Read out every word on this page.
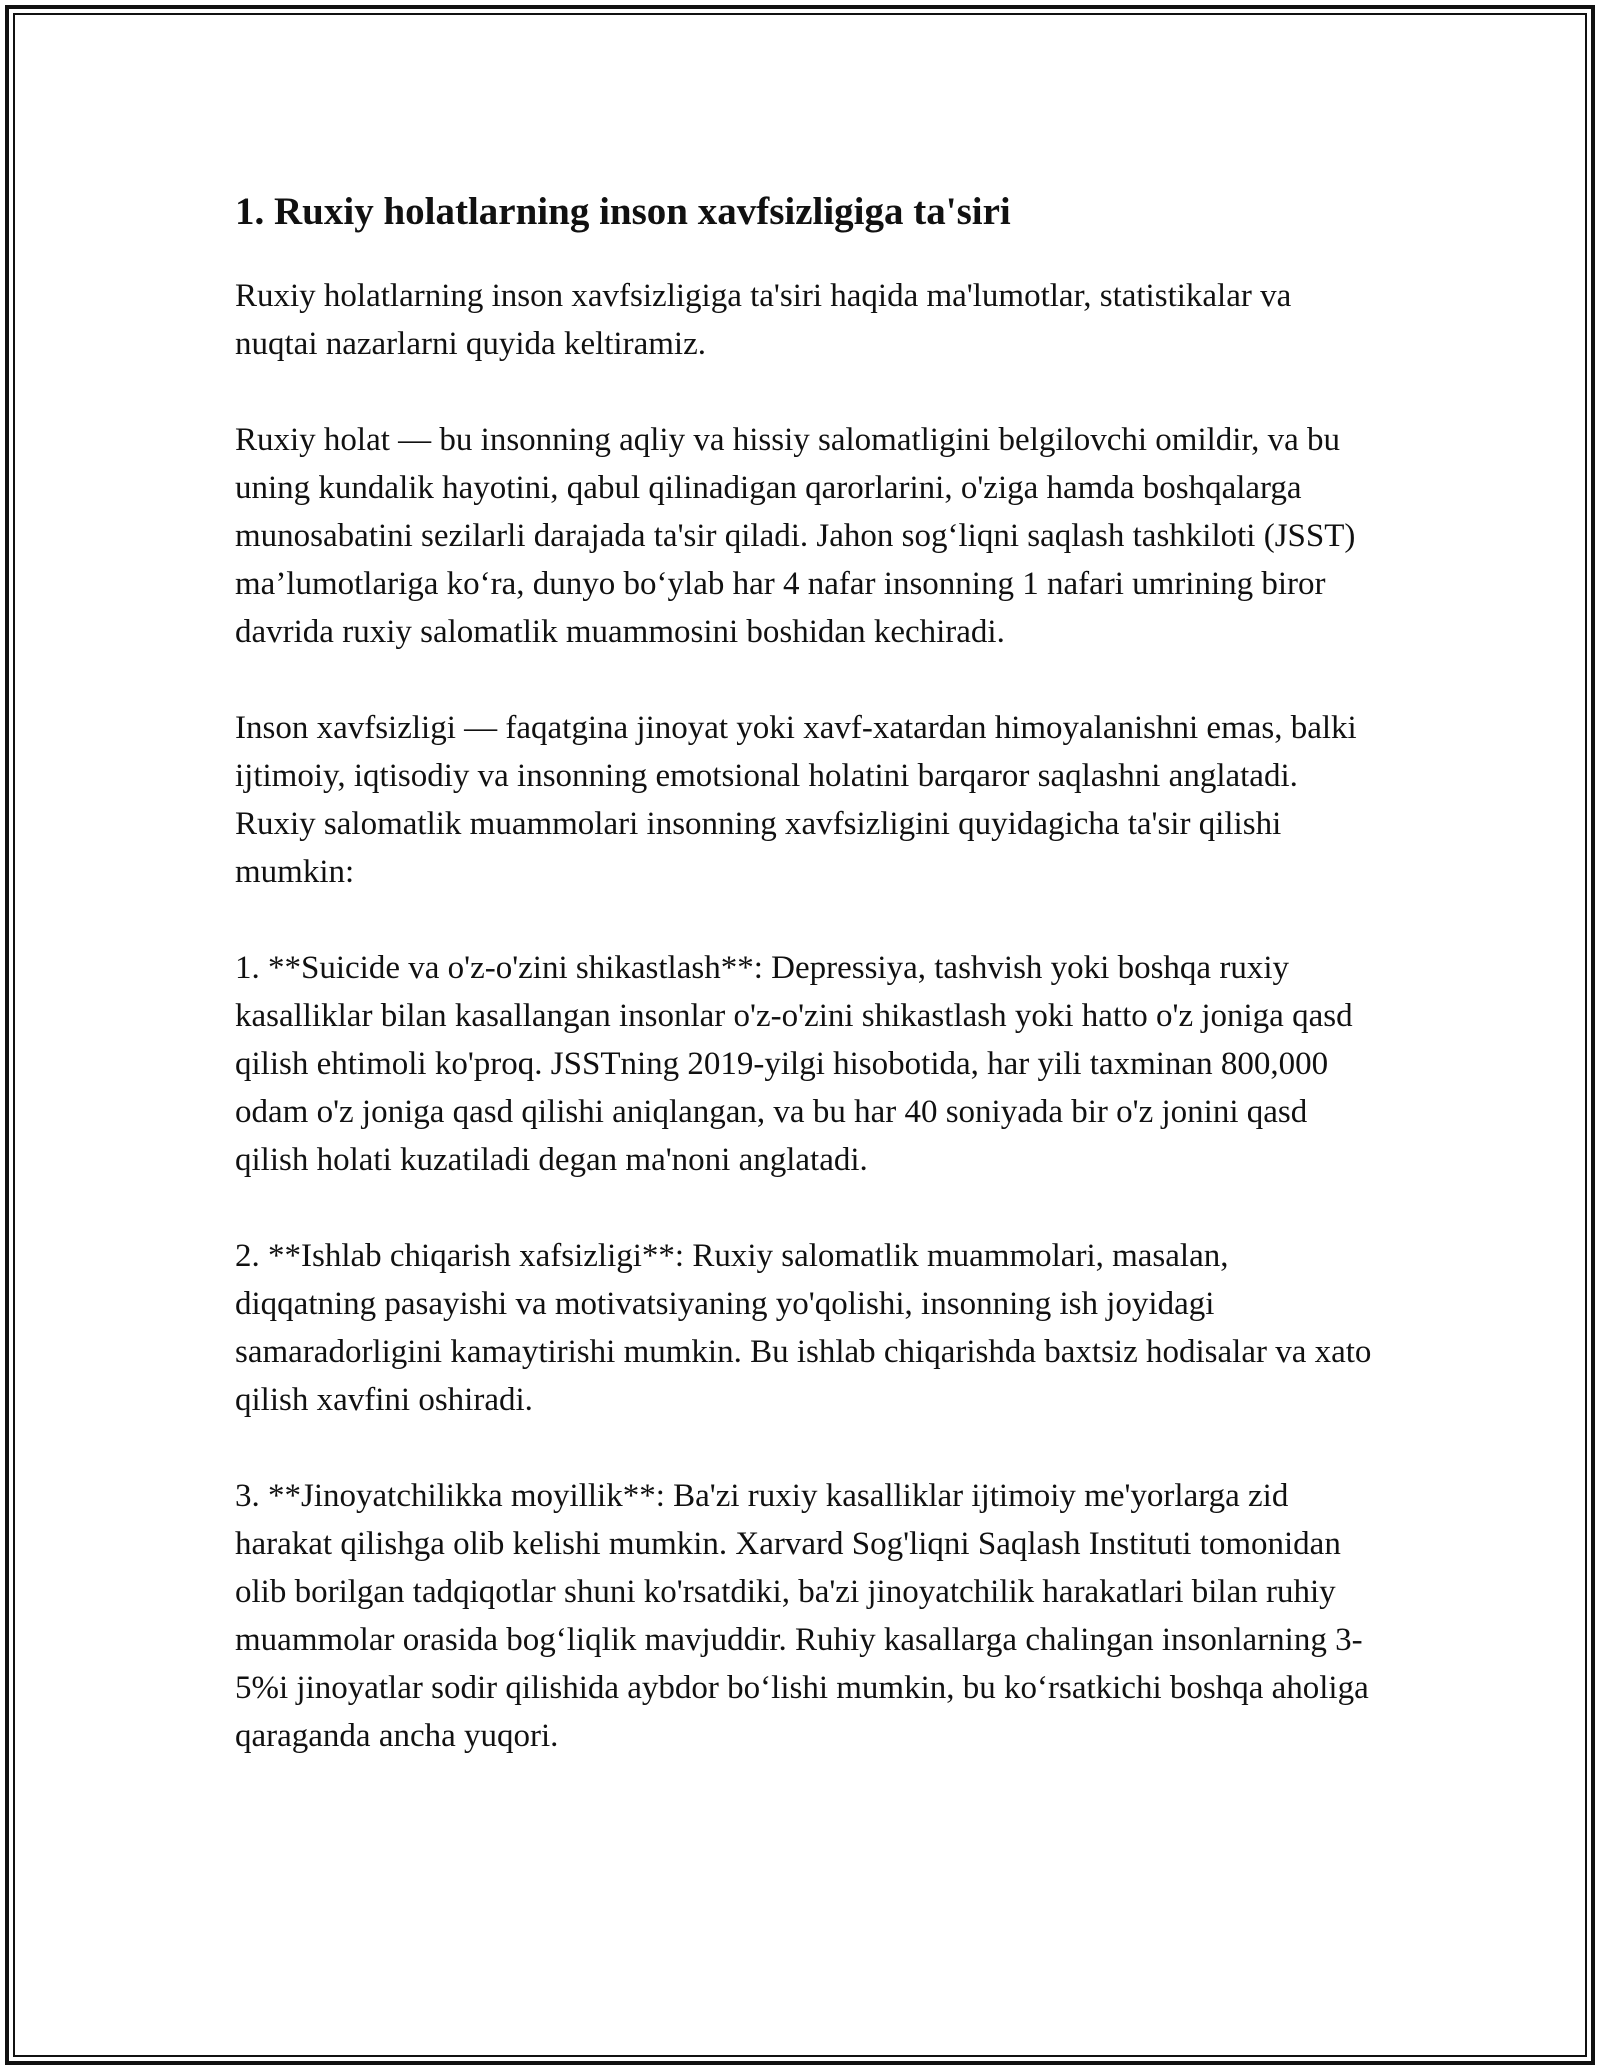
1. Ruxiy holatlarning inson xavfsizligiga ta'siri

Ruxiy holatlarning inson xavfsizligiga ta'siri haqida ma'lumotlar, statistikalar va nuqtai nazarlarni quyida keltiramiz.

Ruxiy holat — bu insonning aqliy va hissiy salomatligini belgilovchi omildir, va bu uning kundalik hayotini, qabul qilinadigan qarorlarini, o'ziga hamda boshqalarga munosabatini sezilarli darajada ta'sir qiladi. Jahon sog‘liqni saqlash tashkiloti (JSST) ma’lumotlariga ko‘ra, dunyo bo‘ylab har 4 nafar insonning 1 nafari umrining biror davrida ruxiy salomatlik muammosini boshidan kechiradi.

Inson xavfsizligi — faqatgina jinoyat yoki xavf-xatardan himoyalanishni emas, balki ijtimoiy, iqtisodiy va insonning emotsional holatini barqaror saqlashni anglatadi. Ruxiy salomatlik muammolari insonning xavfsizligini quyidagicha ta'sir qilishi mumkin:

1. **Suicide va o'z-o'zini shikastlash**: Depressiya, tashvish yoki boshqa ruxiy kasalliklar bilan kasallangan insonlar o'z-o'zini shikastlash yoki hatto o'z joniga qasd qilish ehtimoli ko'proq. JSSTning 2019-yilgi hisobotida, har yili taxminan 800,000 odam o'z joniga qasd qilishi aniqlangan, va bu har 40 soniyada bir o'z jonini qasd qilish holati kuzatiladi degan ma'noni anglatadi.

2. **Ishlab chiqarish xafsizligi**: Ruxiy salomatlik muammolari, masalan, diqqatning pasayishi va motivatsiyaning yo'qolishi, insonning ish joyidagi samaradorligini kamaytirishi mumkin. Bu ishlab chiqarishda baxtsiz hodisalar va xato qilish xavfini oshiradi.

3. **Jinoyatchilikka moyillik**: Ba'zi ruxiy kasalliklar ijtimoiy me'yorlarga zid harakat qilishga olib kelishi mumkin. Xarvard Sog'liqni Saqlash Instituti tomonidan olib borilgan tadqiqotlar shuni ko'rsatdiki, ba'zi jinoyatchilik harakatlari bilan ruhiy muammolar orasida bog‘liqlik mavjuddir. Ruhiy kasallarga chalingan insonlarning 3-5%i jinoyatlar sodir qilishida aybdor bo‘lishi mumkin, bu ko‘rsatkichi boshqa aholiga qaraganda ancha yuqori.
